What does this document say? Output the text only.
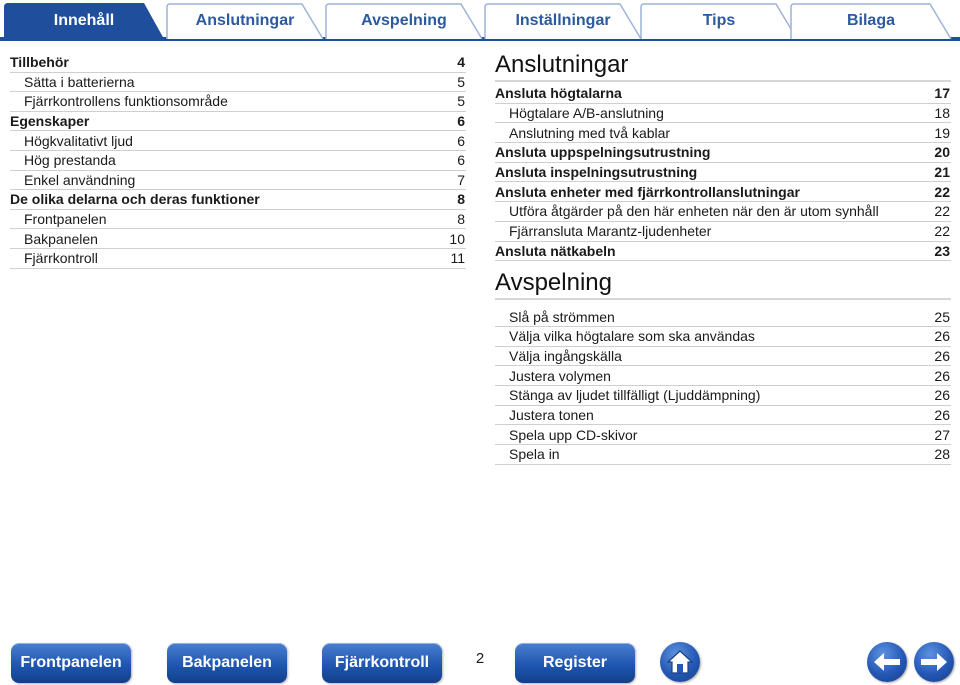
Innehåll	Anslutningar	Avspelning	Inställningar	Tips	Bilaga
Tillbehör	4
Sätta i batterierna	5
Fjärrkontrollens funktionsområde	5
Egenskaper	6
Högkvalitativt ljud	6
Hög prestanda	6
Enkel användning	7
De olika delarna och deras funktioner	8
Frontpanelen	8
Bakpanelen	10
Fjärrkontroll	11
Anslutningar
Ansluta högtalarna	17
Högtalare A/B-anslutning	18
Anslutning med två kablar	19
Ansluta uppspelningsutrustning	20
Ansluta inspelningsutrustning	21
Ansluta enheter med fjärrkontrollanslutningar	22
Utföra åtgärder på den här enheten när den är utom synhåll	22
Fjärransluta Marantz-ljudenheter	22
Ansluta nätkabeln	23
Avspelning
Slå på strömmen	25
Välja vilka högtalare som ska användas	26
Välja ingångskälla	26
Justera volymen	26
Stänga av ljudet tillfälligt (Ljuddämpning)	26
Justera tonen	26
Spela upp CD-skivor	27
Spela in	28
Frontpanelen	Bakpanelen	Fjärrkontroll	2	Register
